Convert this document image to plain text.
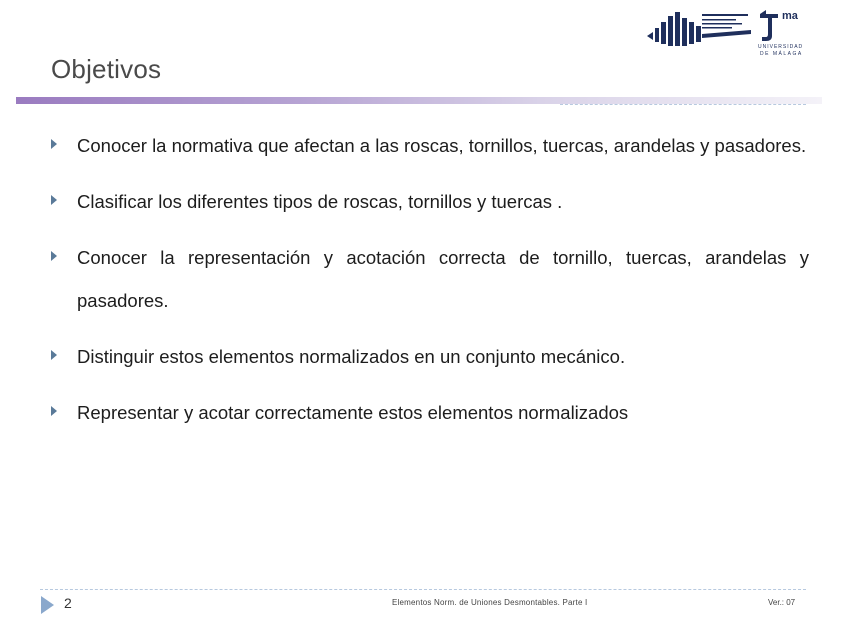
ma
UNIVERSIDAD
DE MÁLAGA
Objetivos
Conocer la normativa que afectan a las roscas, tornillos, tuercas, arandelas y pasadores.
Clasificar los diferentes tipos de roscas, tornillos y tuercas .
Conocer la representación y acotación correcta de tornillo, tuercas, arandelas y pasadores.
Distinguir estos elementos normalizados en un conjunto mecánico.
Representar y acotar correctamente estos elementos normalizados
2	Elementos Norm. de Uniones Desmontables. Parte I	Ver.: 07
